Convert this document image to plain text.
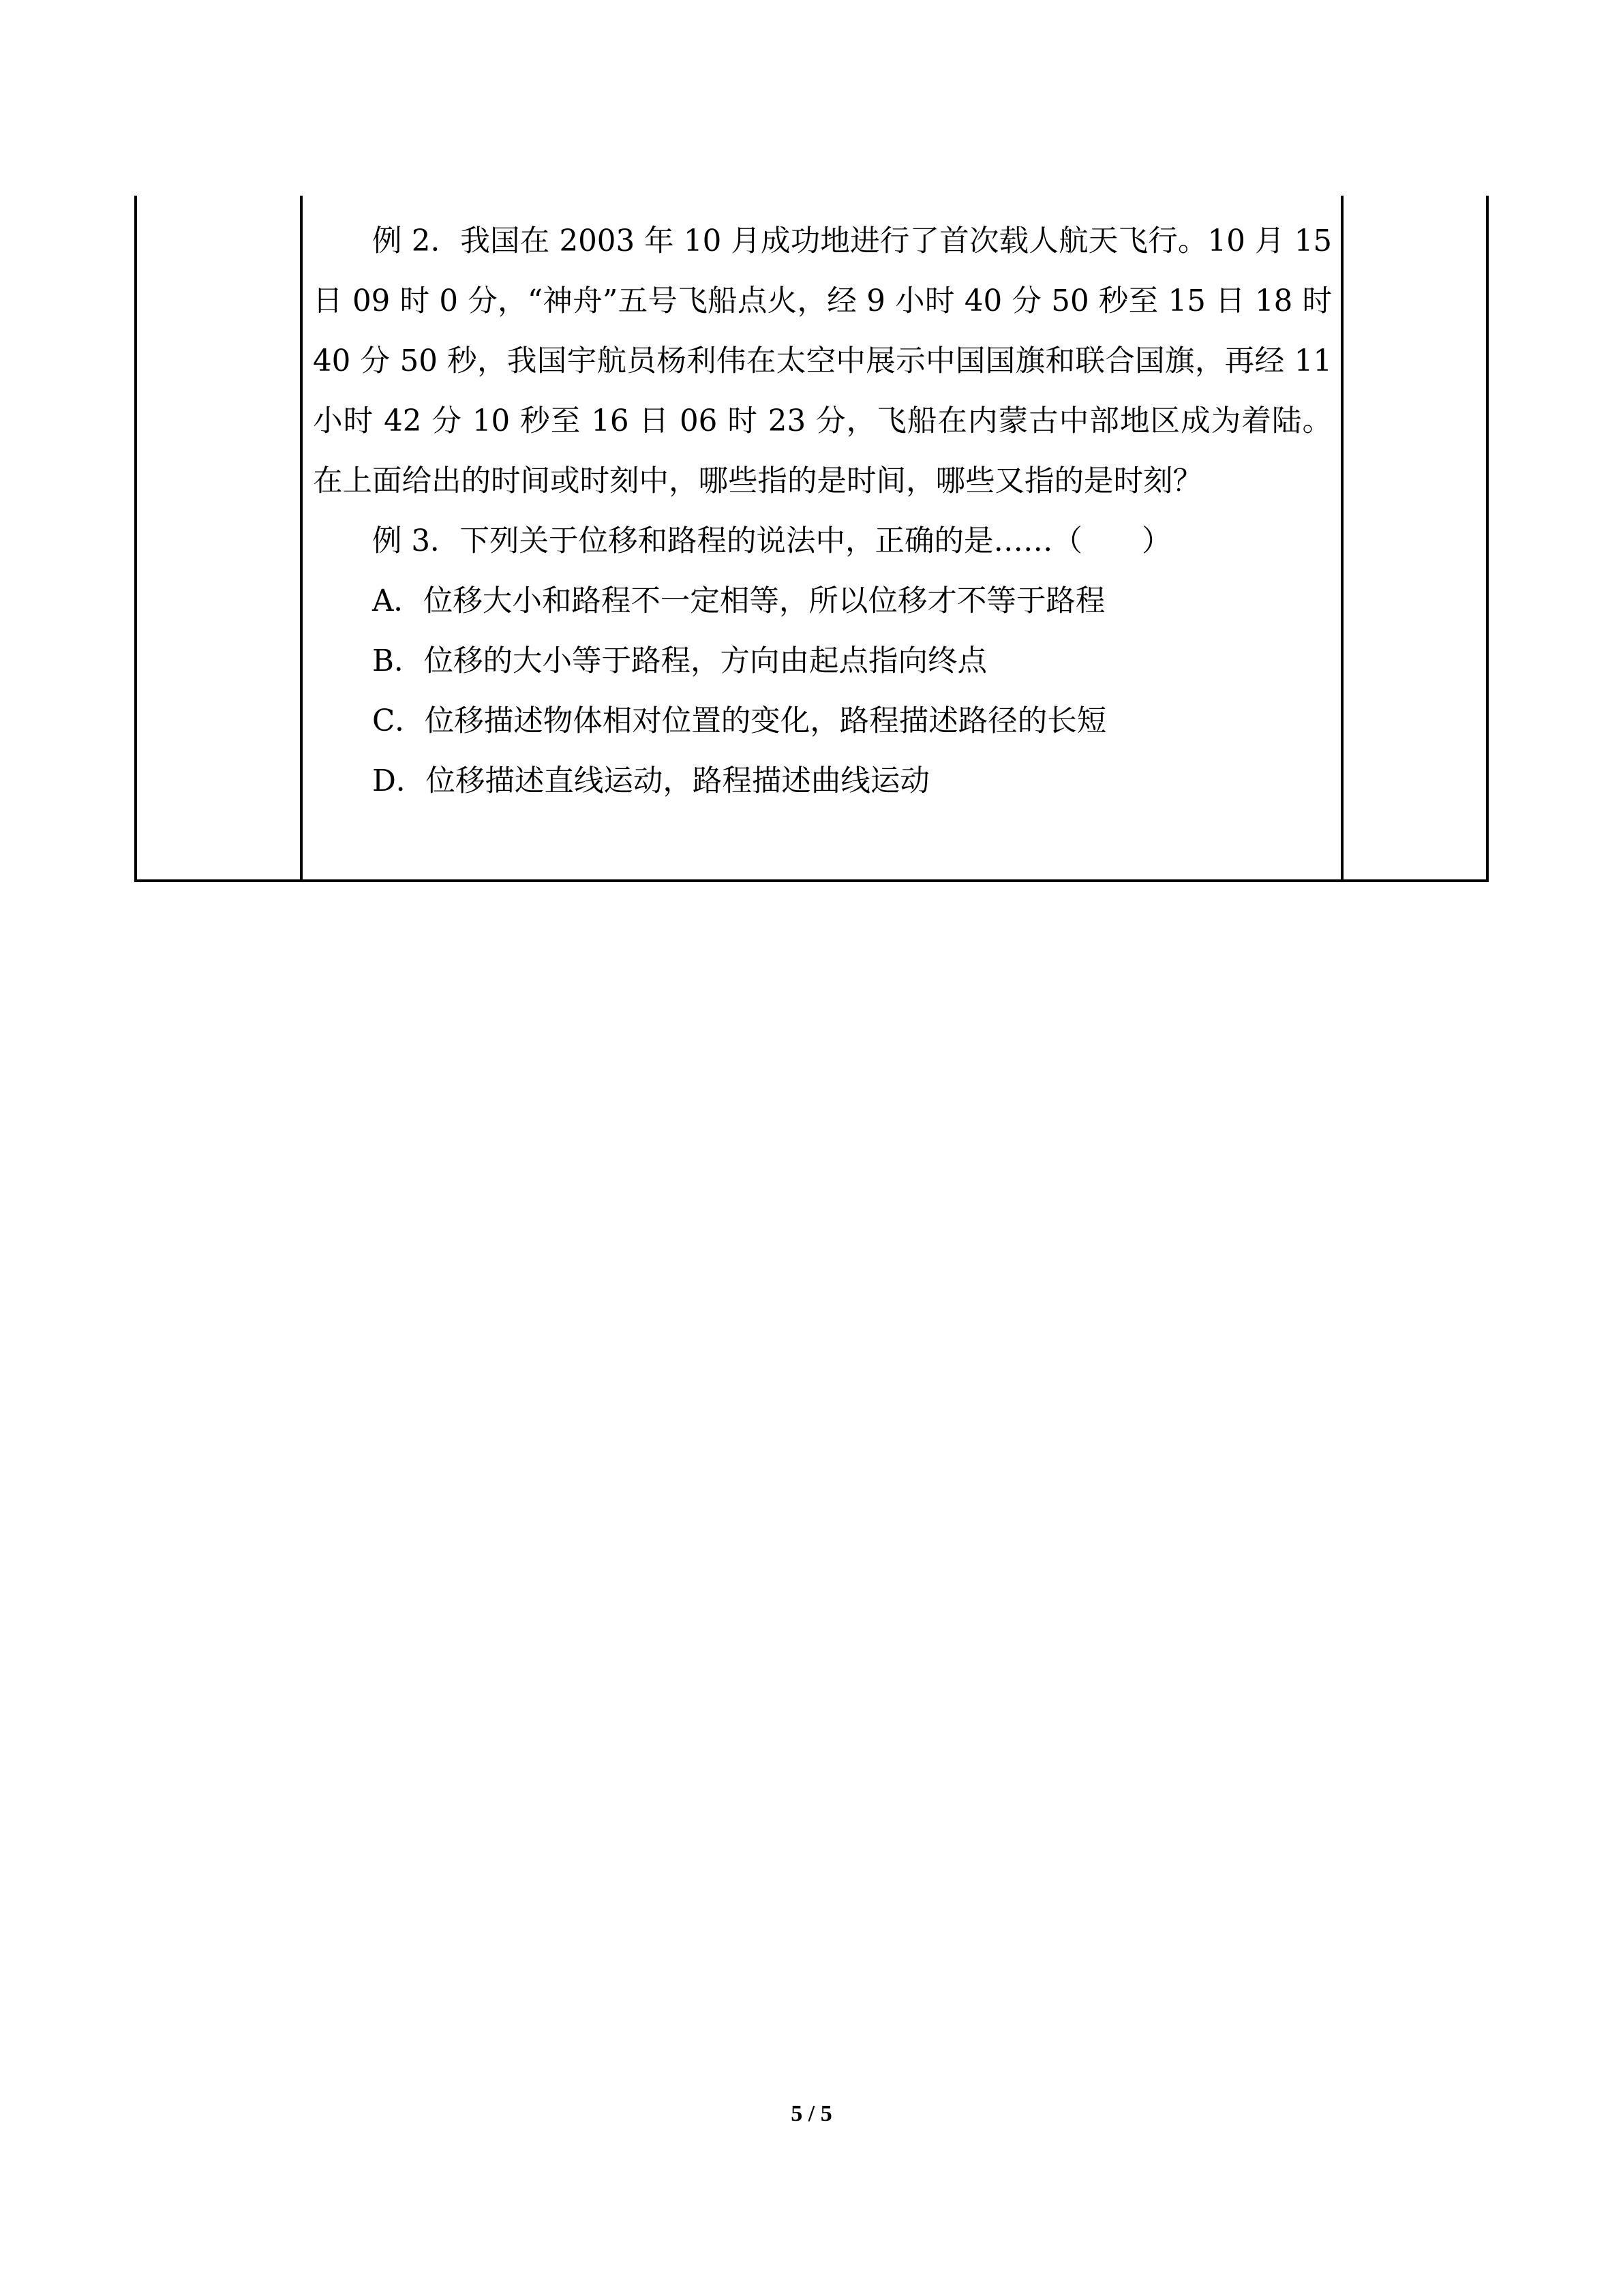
例 2．我国在 2003 年 10 月成功地进行了首次载人航天飞行。10 月 15 日 09 时 0 分，“神舟”五号飞船点火，经 9 小时 40 分 50 秒至 15 日 18 时 40 分 50 秒，我国宇航员杨利伟在太空中展示中国国旗和联合国旗，再经 11 小时 42 分 10 秒至 16 日 06 时 23 分，飞船在内蒙古中部地区成为着陆。在上面给出的时间或时刻中，哪些指的是时间，哪些又指的是时刻？

例 3．下列关于位移和路程的说法中，正确的是……（　　）

A．位移大小和路程不一定相等，所以位移才不等于路程

B．位移的大小等于路程，方向由起点指向终点

C．位移描述物体相对位置的变化，路程描述路径的长短

D．位移描述直线运动，路程描述曲线运动

5 / 5
